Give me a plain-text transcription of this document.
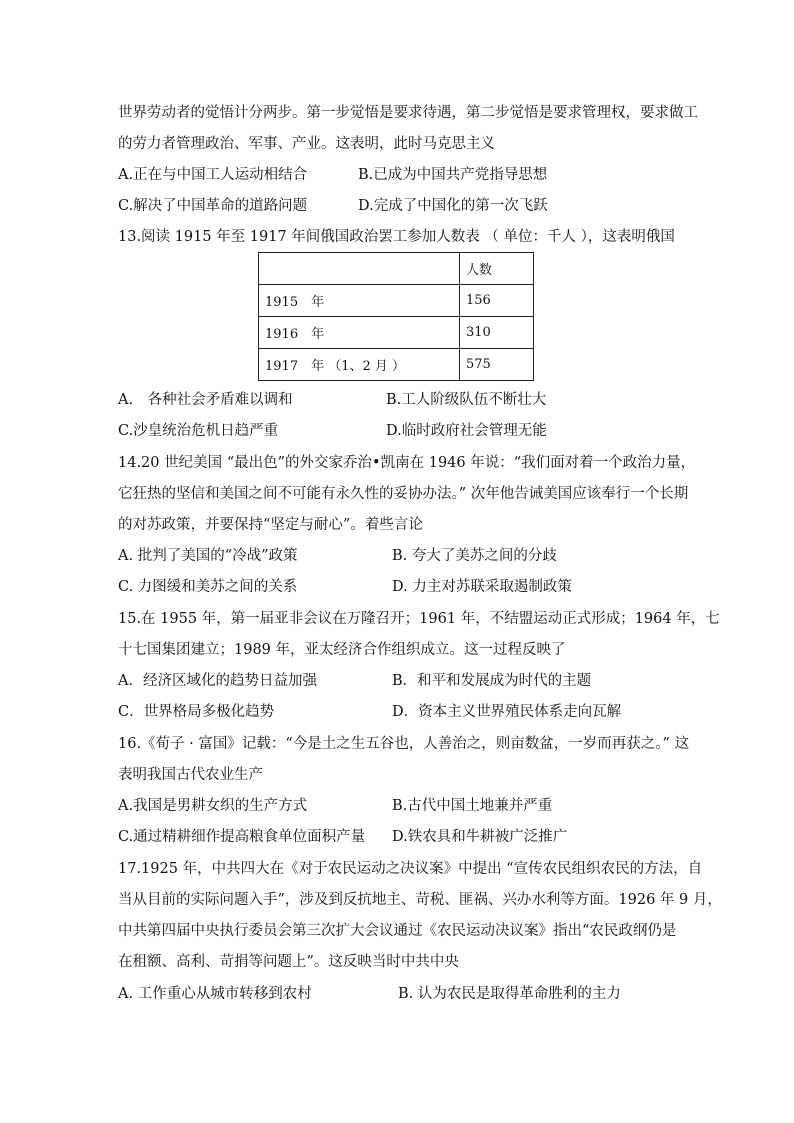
世界劳动者的觉悟计分两步。第一步觉悟是要求待遇，第二步觉悟是要求管理权，要求做工
的劳力者管理政治、军事、产业。这表明，此时马克思主义
A.正在与中国工人运动相结合	B.已成为中国共产党指导思想
C.解决了中国革命的道路问题	D.完成了中国化的第一次飞跃
13.阅读 1915 年至 1917 年间俄国政治罢工参加人数表 （ 单位：千人 ），这表明俄国
	人数
1915　年	156
1916　年	310
1917　年 （1、2 月 ）	575
A.　各种社会矛盾难以调和	B.工人阶级队伍不断壮大
C.沙皇统治危机日趋严重	D.临时政府社会管理无能
14.20 世纪美国 “最出色”的外交家乔治•凯南在 1946 年说：“我们面对着一个政治力量，
它狂热的坚信和美国之间不可能有永久性的妥协办法。” 次年他告诫美国应该奉行一个长期
的对苏政策，并要保持“坚定与耐心”。着些言论
A. 批判了美国的“冷战”政策	B. 夸大了美苏之间的分歧
C. 力图缓和美苏之间的关系	D. 力主对苏联采取遏制政策
15.在 1955 年，第一届亚非会议在万隆召开；1961 年，不结盟运动正式形成；1964 年，七
十七国集团建立；1989 年，亚太经济合作组织成立。这一过程反映了
A．经济区域化的趋势日益加强	B．和平和发展成为时代的主题
C．世界格局多极化趋势	D．资本主义世界殖民体系走向瓦解
16.《荀子 · 富国》记载：“今是土之生五谷也，人善治之，则亩数盆，一岁而再获之。” 这
表明我国古代农业生产
A.我国是男耕女织的生产方式	B.古代中国土地兼并严重
C.通过精耕细作提高粮食单位面积产量 D.铁农具和牛耕被广泛推广
17.1925 年，中共四大在《对于农民运动之决议案》中提出 “宣传农民组织农民的方法，自
当从目前的实际问题入手”，涉及到反抗地主、苛税、匪祸、兴办水利等方面。1926 年 9 月，
中共第四届中央执行委员会第三次扩大会议通过《农民运动决议案》指出“农民政纲仍是
在租额、高利、苛捐等问题上”。这反映当时中共中央
A. 工作重心从城市转移到农村	B. 认为农民是取得革命胜利的主力
